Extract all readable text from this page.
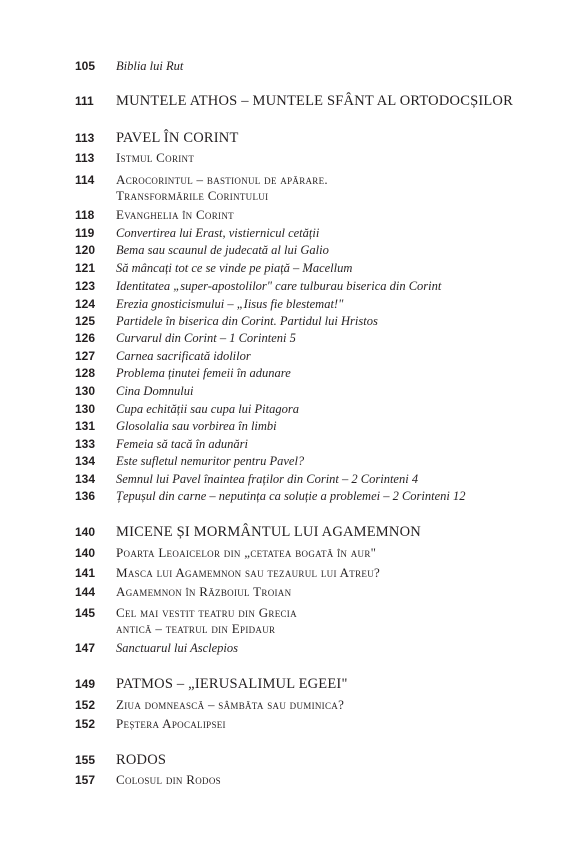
105	Biblia lui Rut
111	MUNTELE ATHOS – MUNTELE SFÂNT AL ORTODOCȘILOR
113	PAVEL ÎN CORINT
113	Istmul Corint
114	Acrocorintul – bastionul de apărare.
Transformările Corintului
118	Evanghelia în Corint
119	Convertirea lui Erast, vistiernicul cetății
120	Bema sau scaunul de judecată al lui Galio
121	Să mâncați tot ce se vinde pe piață – Macellum
123	Identitatea „super-apostolilor" care tulburau biserica din Corint
124	Erezia gnosticismului – „Iisus fie blestemat!"
125	Partidele în biserica din Corint. Partidul lui Hristos
126	Curvarul din Corint – 1 Corinteni 5
127	Carnea sacrificată idolilor
128	Problema ținutei femeii în adunare
130	Cina Domnului
130	Cupa echității sau cupa lui Pitagora
131	Glosolalia sau vorbirea în limbi
133	Femeia să tacă în adunări
134	Este sufletul nemuritor pentru Pavel?
134	Semnul lui Pavel înaintea fraților din Corint – 2 Corinteni 4
136	Țepușul din carne – neputința ca soluție a problemei – 2 Corinteni 12
140	MICENE ȘI MORMÂNTUL LUI AGAMEMNON
140	Poarta Leoaicelor din „cetatea bogată în aur"
141	Masca lui Agamemnon sau tezaurul lui Atreu?
144	Agamemnon în Războiul Troian
145	Cel mai vestit teatru din Grecia
antică – teatrul din Epidaur
147	Sanctuarul lui Asclepios
149	PATMOS – „IERUSALIMUL EGEEI"
152	Ziua domnească – sâmbăta sau duminica?
152	Peștera Apocalipsei
155	RODOS
157	Colosul din Rodos
